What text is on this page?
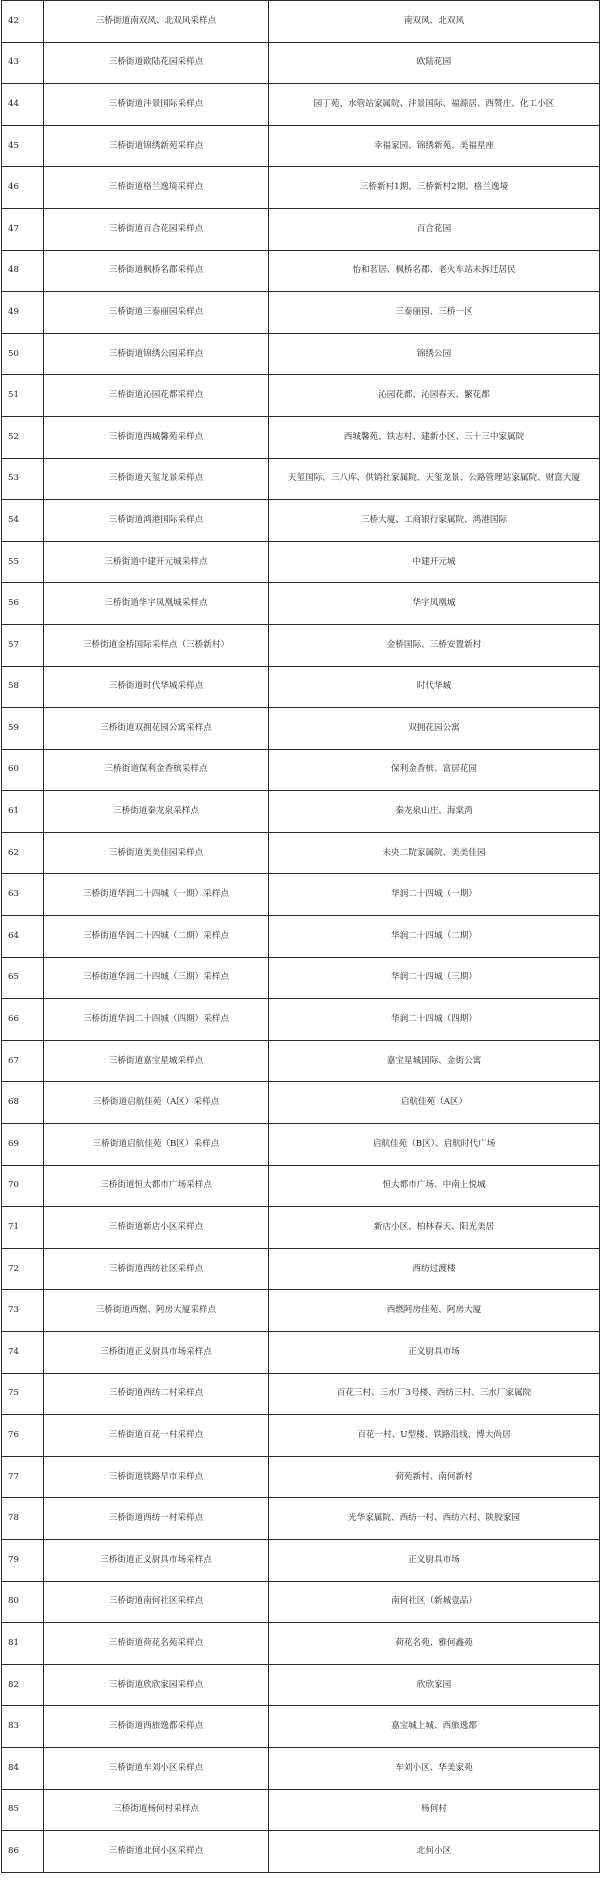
42	三桥街道南双风、北双风采样点	南双风、北双风
43	三桥街道欧陆花园采样点	欧陆花园
44	三桥街道沣景国际采样点	园丁苑、水管站家属院、沣景国际、福源居、西赞庄、化工小区
45	三桥街道锦绣新苑采样点	幸福家园、锦绣新苑、美福星座
46	三桥街道格兰逸境采样点	三桥新村1期、三桥新村2期、格兰逸境
47	三桥街道百合花园采样点	百合花园
48	三桥街道枫桥名郡采样点	怡和茗居、枫桥名郡、老火车站未拆迁居民
49	三桥街道三泰丽园采样点	三泰丽园、三桥一区
50	三桥街道锦绣公园采样点	锦绣公园
51	三桥街道沁园花都采样点	沁园花都、沁园春天、繁花都
52	三桥街道西城馨苑采样点	西城馨苑、铁志村、建新小区、三十三中家属院
53	三桥街道天玺龙景采样点	天玺国际、三八库、供销社家属院、天玺龙景、公路管理站家属院、财富大厦
54	三桥街道鸿港国际采样点	三桥大厦、工商银行家属院、鸿港国际
55	三桥街道中建开元城采样点	中建开元城
56	三桥街道华宇凤凰城采样点	华宇凤凰城
57	三桥街道金桥国际采样点（三桥新村）	金桥国际、三桥安置新村
58	三桥街道时代华城采样点	时代华城
59	三桥街道双拥花园公寓采样点	双拥花园公寓
60	三桥街道保利金香槟采样点	保利金香槟、富居花园
61	三桥街道秦龙泉采样点	秦龙泉山庄、海棠湾
62	三桥街道美美佳园采样点	未央二院家属院、美美佳园
63	三桥街道华润二十四城（一期）采样点	华润二十四城（一期）
64	三桥街道华润二十四城（二期）采样点	华润二十四城（二期）
65	三桥街道华润二十四城（三期）采样点	华润二十四城（三期）
66	三桥街道华润二十四城（四期）采样点	华润二十四城（四期）
67	三桥街道嘉宝星城采样点	嘉宝星城国际、金街公寓
68	三桥街道启航佳苑（A区）采样点	启航佳苑（A区）
69	三桥街道启航佳苑（B区）采样点	启航佳苑（B区）、启航时代广场
70	三桥街道恒大都市广场采样点	恒大都市广场、中南上悦城
71	三桥街道新店小区采样点	新店小区、柏林春天、阳光美居
72	三桥街道西纺社区采样点	西纺过渡楼
73	三桥街道西燃、阿房大厦采样点	西燃阿房佳苑、阿房大厦
74	三桥街道正义厨具市场采样点	正义厨具市场
75	三桥街道西纺二村采样点	百花三村、三水厂3号楼、西纺三村、三水厂家属院
76	三桥街道百花一村采样点	百花一村、U型楼、铁路沿线、博大尚居
77	三桥街道铁路早市采样点	荷苑新村、南何新村
78	三桥街道西纺一村采样点	光华家属院、西纺一村、西纺六村、陕胶家园
79	三桥街道正义厨具市场采样点	正义厨具市场
80	三桥街道南何社区采样点	南何社区（新城壹品）
81	三桥街道荷花名苑采样点	荷花名苑、雅何鑫苑
82	三桥街道欣欣家园采样点	欣欣家园
83	三桥街道西旅逸都采样点	嘉宝城上城、西旅逸都
84	三桥街道车刘小区采样点	车刘小区、华美家苑
85	三桥街道杨何村采样点	杨何村
86	三桥街道北何小区采样点	北何小区
